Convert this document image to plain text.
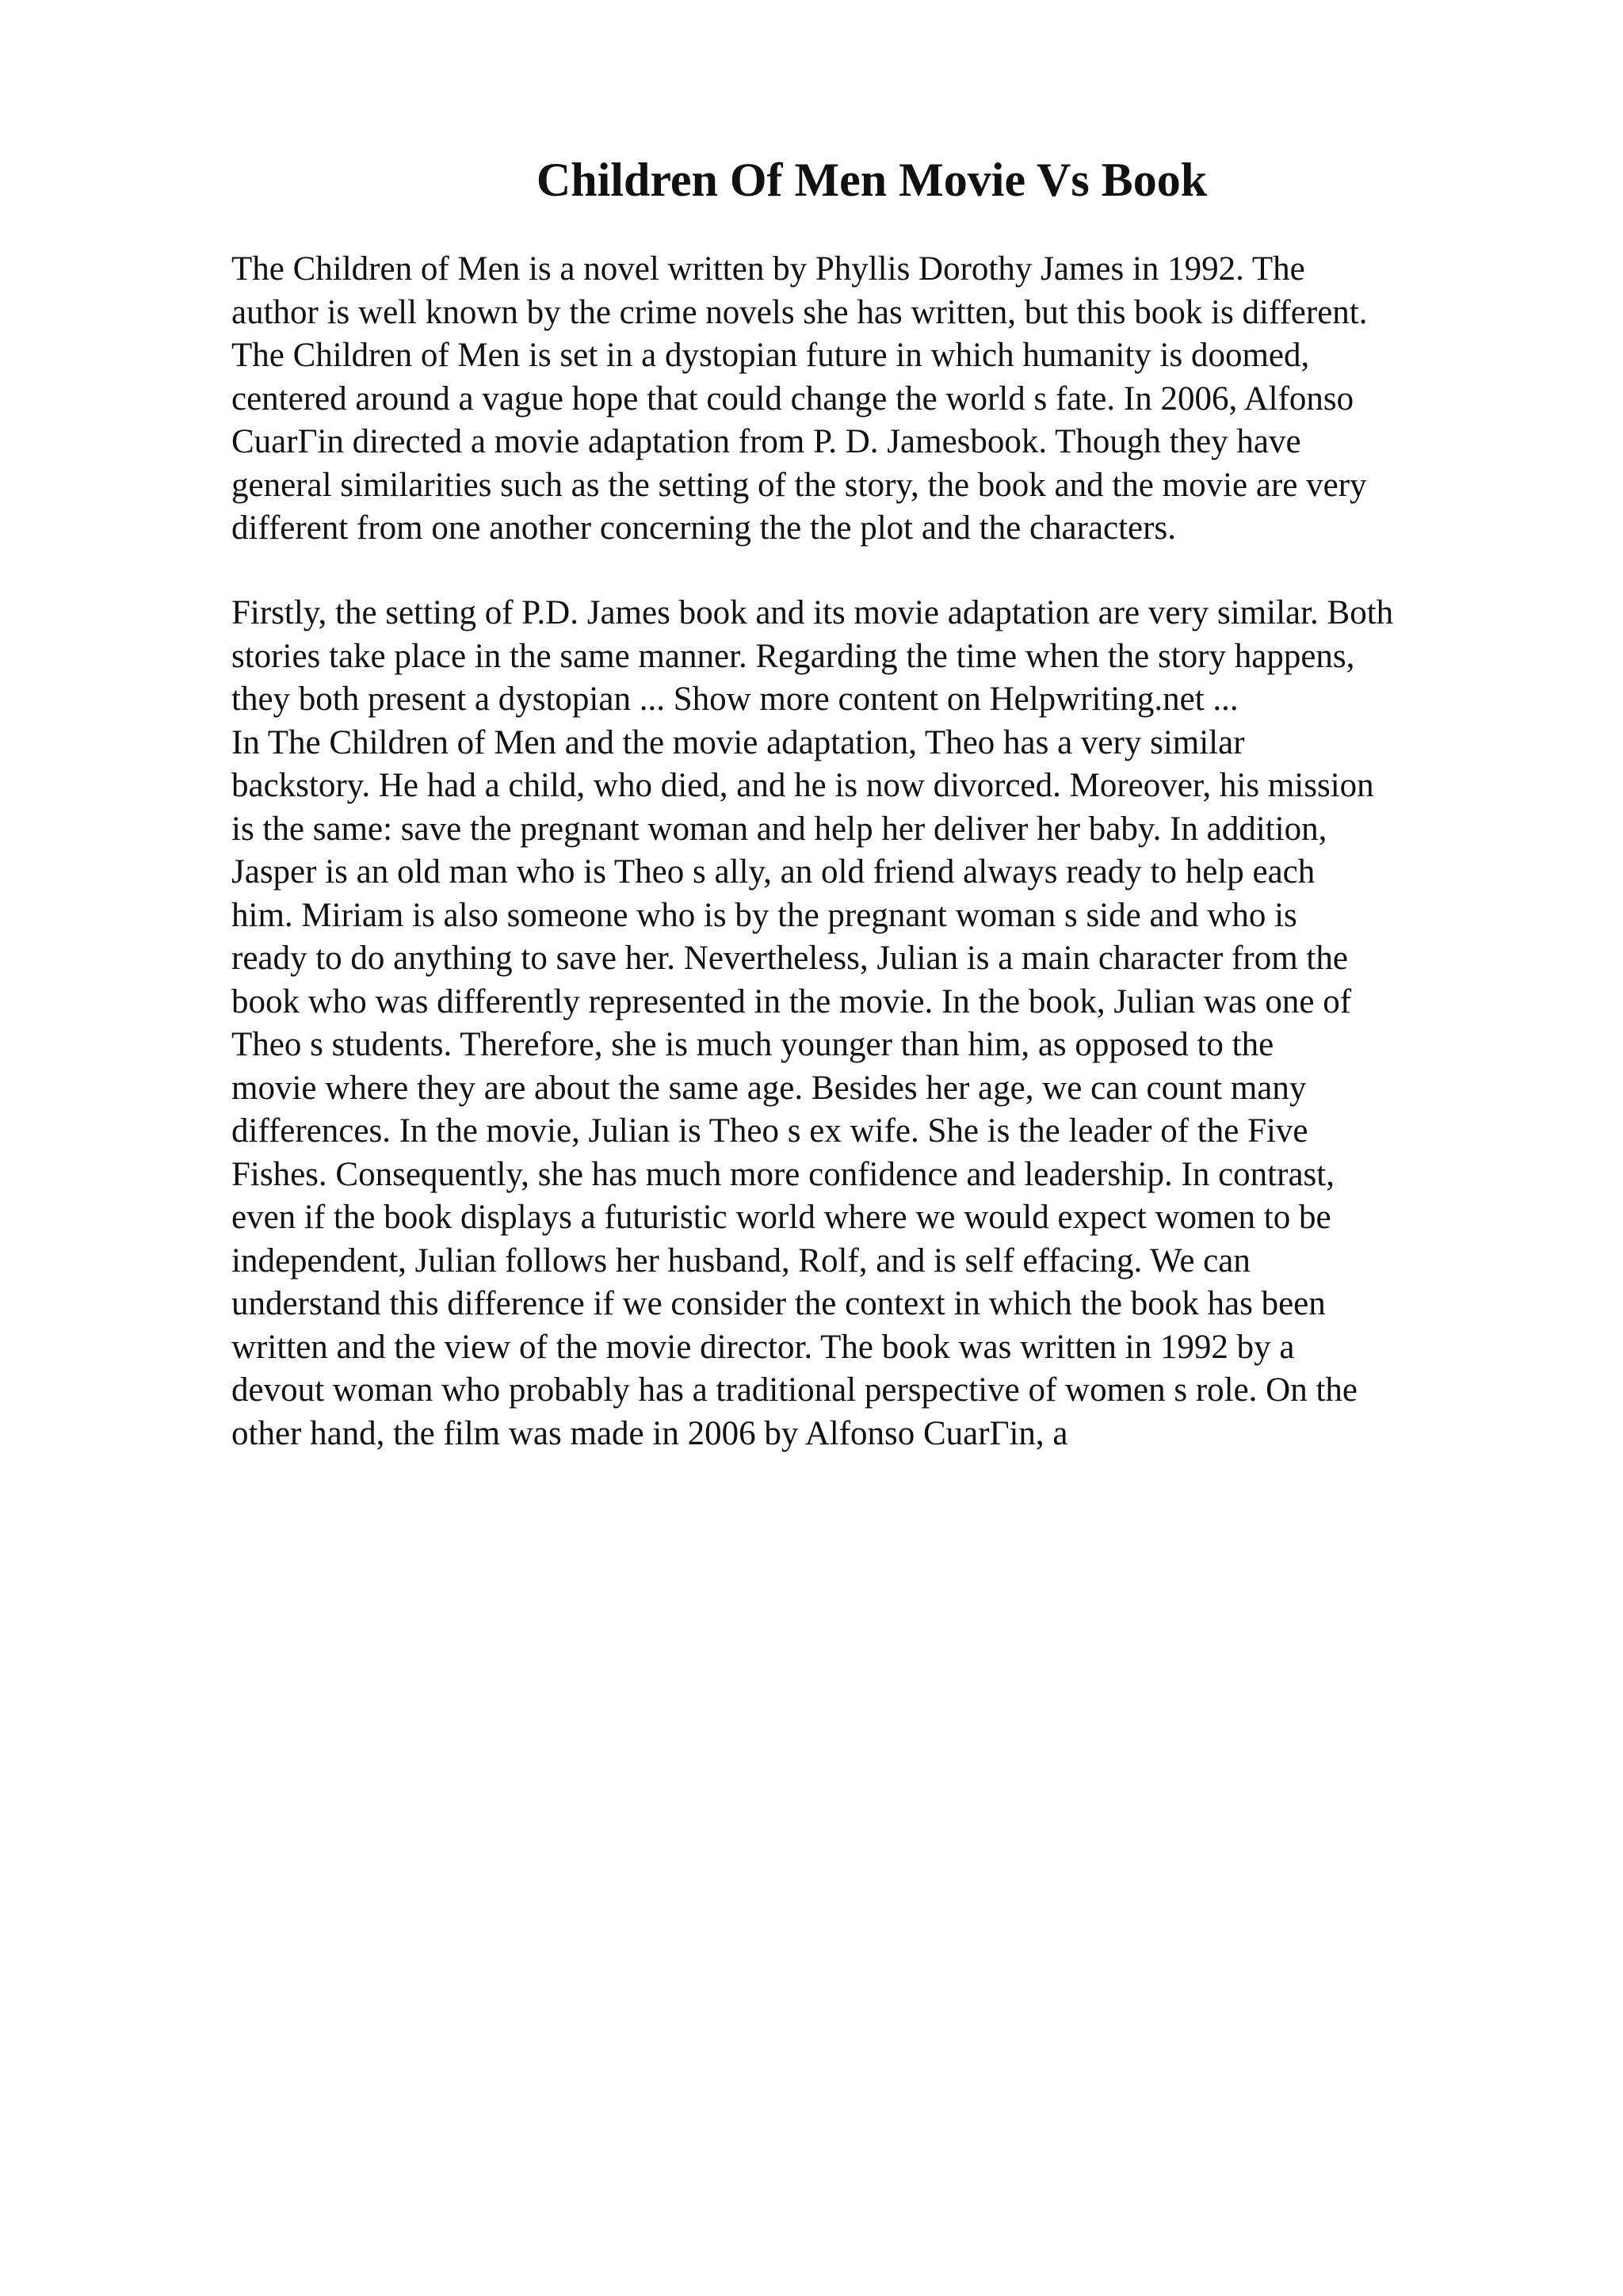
Children Of Men Movie Vs Book
The Children of Men is a novel written by Phyllis Dorothy James in 1992. The
author is well known by the crime novels she has written, but this book is different.
The Children of Men is set in a dystopian future in which humanity is doomed,
centered around a vague hope that could change the world s fate. In 2006, Alfonso
CuarΓin directed a movie adaptation from P. D. Jamesbook. Though they have
general similarities such as the setting of the story, the book and the movie are very
different from one another concerning the the plot and the characters.
Firstly, the setting of P.D. James book and its movie adaptation are very similar. Both
stories take place in the same manner. Regarding the time when the story happens,
they both present a dystopian ... Show more content on Helpwriting.net ...
In The Children of Men and the movie adaptation, Theo has a very similar
backstory. He had a child, who died, and he is now divorced. Moreover, his mission
is the same: save the pregnant woman and help her deliver her baby. In addition,
Jasper is an old man who is Theo s ally, an old friend always ready to help each
him. Miriam is also someone who is by the pregnant woman s side and who is
ready to do anything to save her. Nevertheless, Julian is a main character from the
book who was differently represented in the movie. In the book, Julian was one of
Theo s students. Therefore, she is much younger than him, as opposed to the
movie where they are about the same age. Besides her age, we can count many
differences. In the movie, Julian is Theo s ex wife. She is the leader of the Five
Fishes. Consequently, she has much more confidence and leadership. In contrast,
even if the book displays a futuristic world where we would expect women to be
independent, Julian follows her husband, Rolf, and is self effacing. We can
understand this difference if we consider the context in which the book has been
written and the view of the movie director. The book was written in 1992 by a
devout woman who probably has a traditional perspective of women s role. On the
other hand, the film was made in 2006 by Alfonso CuarΓin, a
